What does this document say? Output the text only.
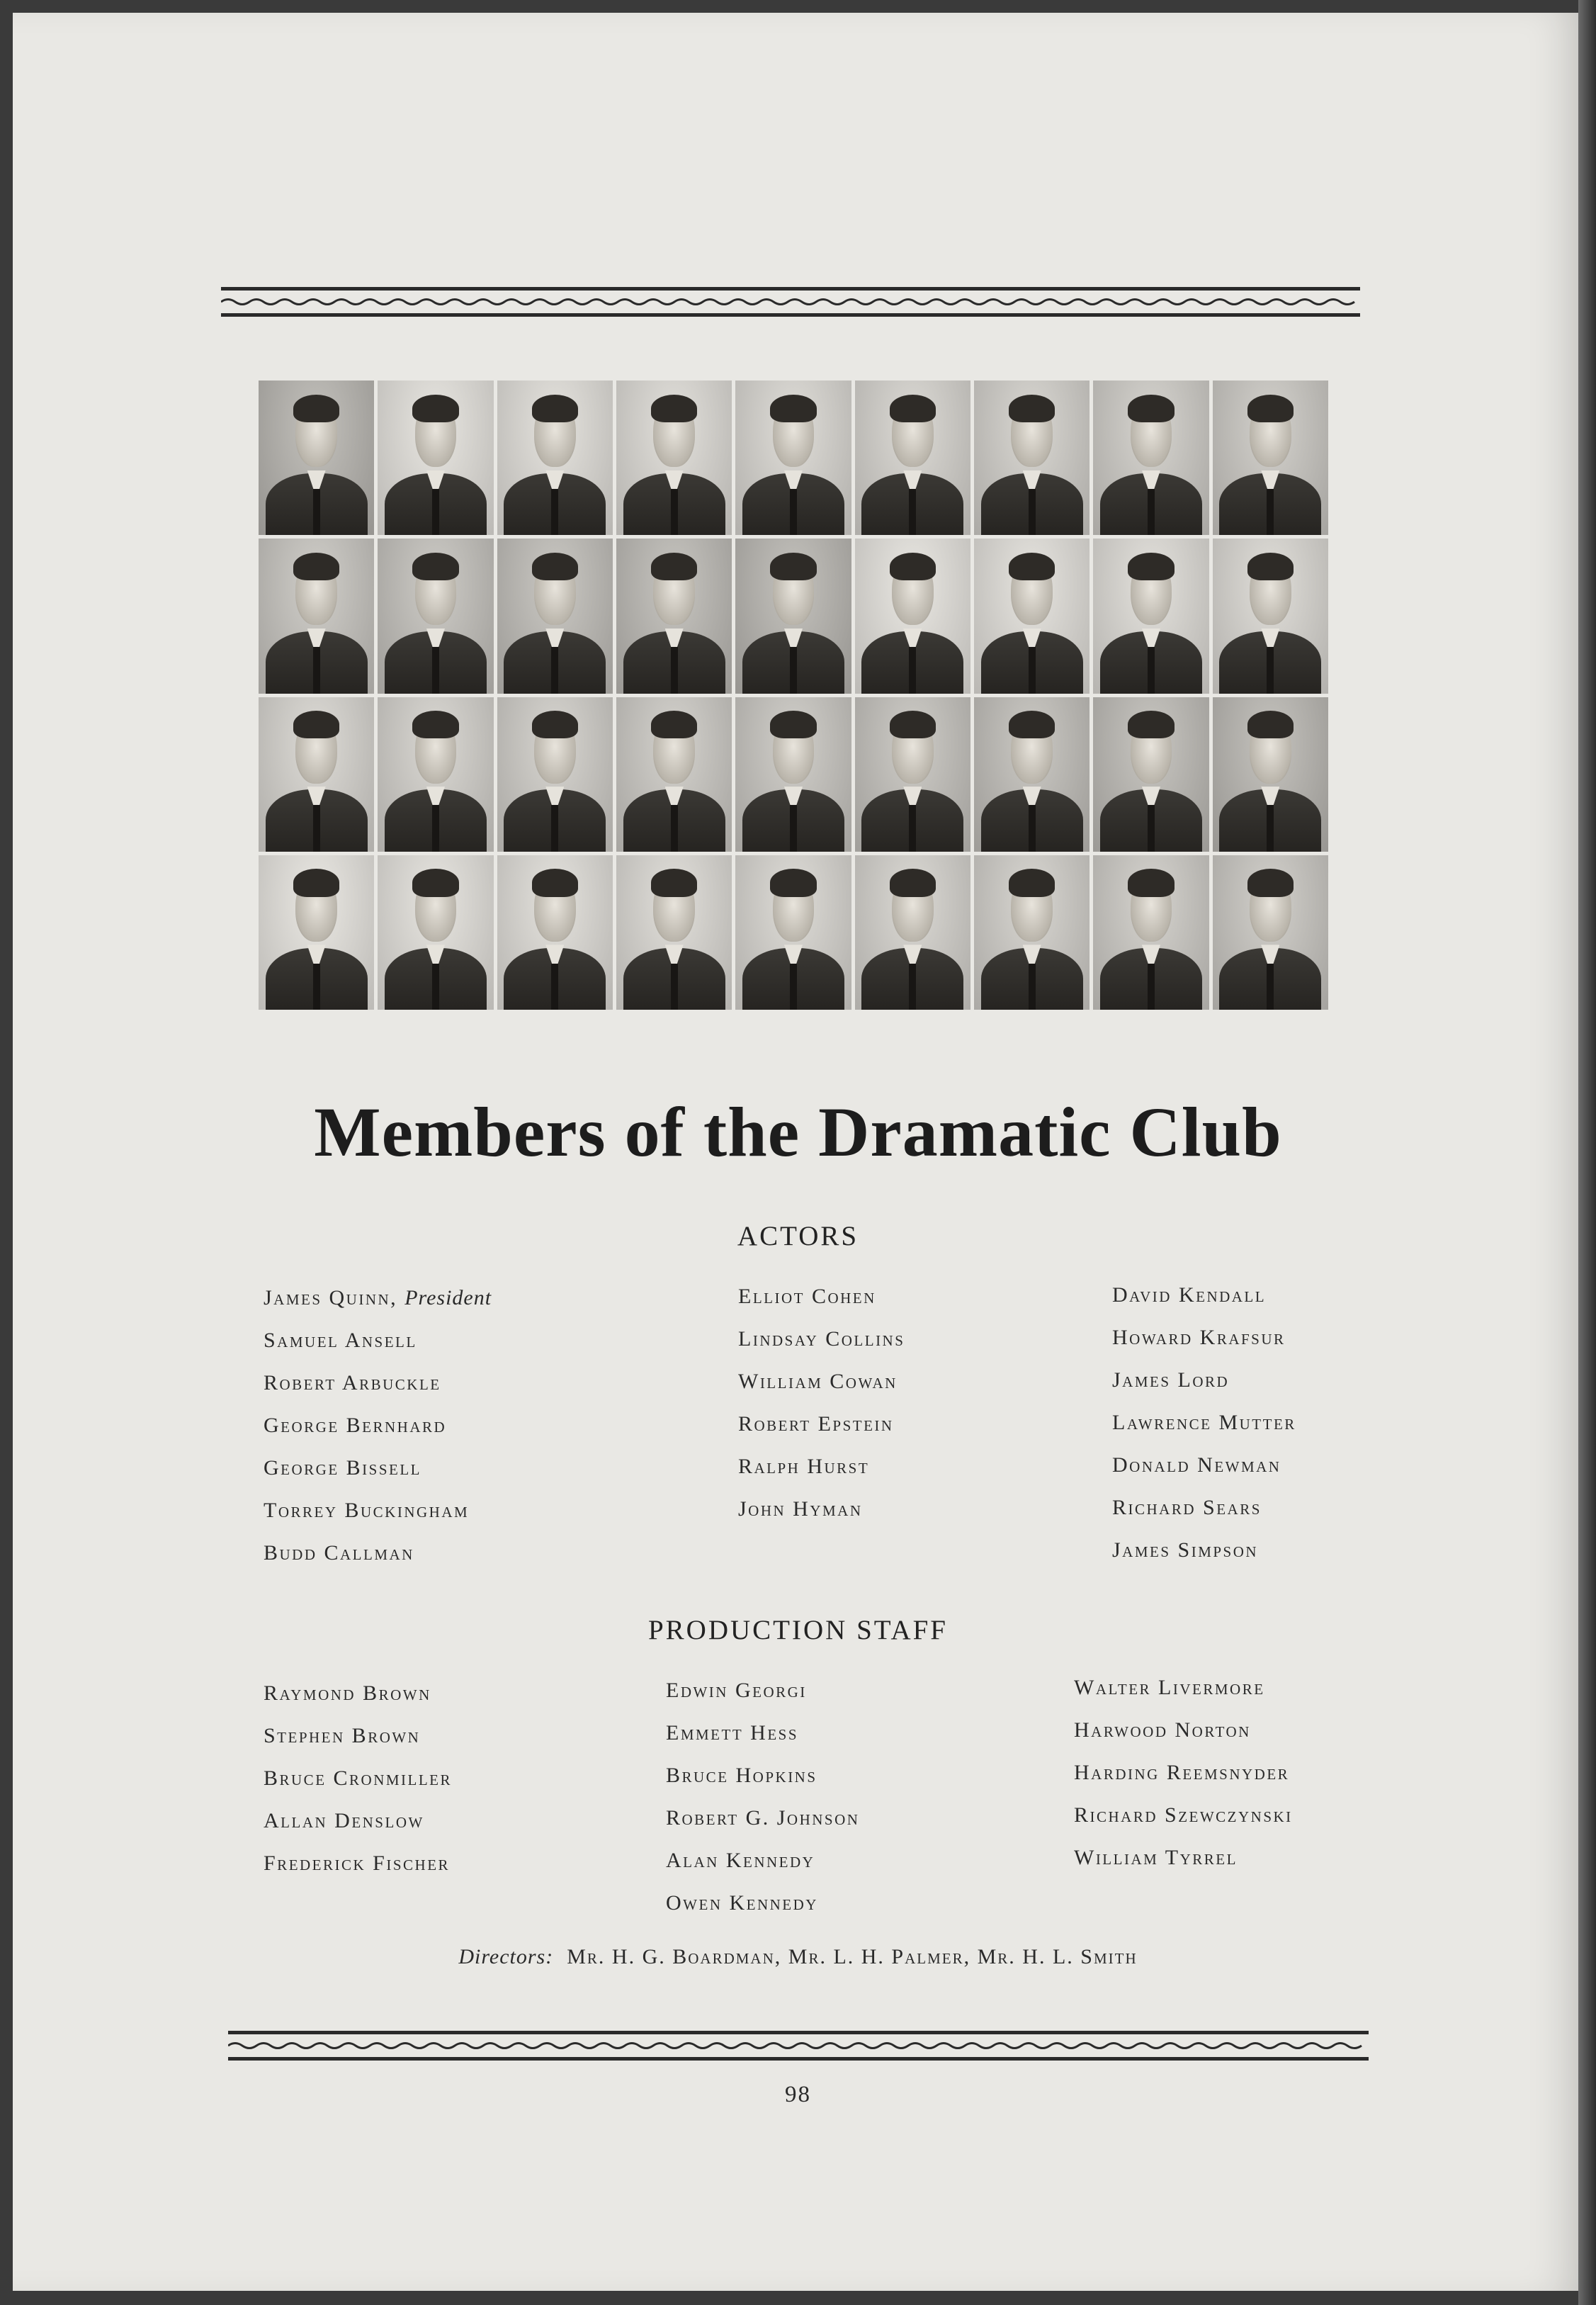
Members of the Dramatic Club
ACTORS
James Quinn, President
Samuel Ansell
Robert Arbuckle
George Bernhard
George Bissell
Torrey Buckingham
Budd Callman
Elliot Cohen
Lindsay Collins
William Cowan
Robert Epstein
Ralph Hurst
John Hyman
David Kendall
Howard Krafsur
James Lord
Lawrence Mutter
Donald Newman
Richard Sears
James Simpson
PRODUCTION STAFF
Raymond Brown
Stephen Brown
Bruce Cronmiller
Allan Denslow
Frederick Fischer
Edwin Georgi
Emmett Hess
Bruce Hopkins
Robert G. Johnson
Alan Kennedy
Owen Kennedy
Walter Livermore
Harwood Norton
Harding Reemsnyder
Richard Szewczynski
William Tyrrel
Directors: Mr. H. G. Boardman, Mr. L. H. Palmer, Mr. H. L. Smith
98
